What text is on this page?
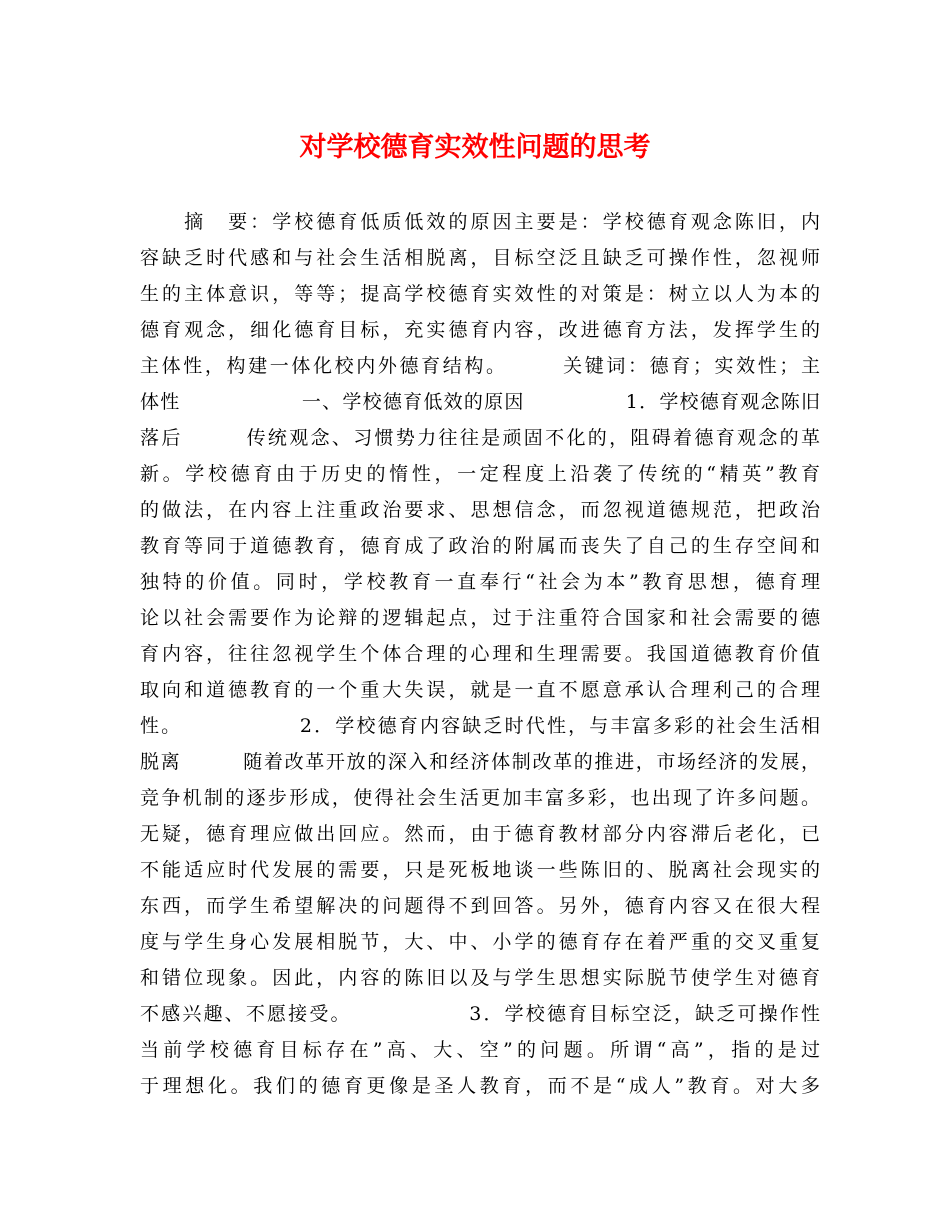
对学校德育实效性问题的思考
　　摘　要：学校德育低质低效的原因主要是：学校德育观念陈旧，内
容缺乏时代感和与社会生活相脱离，目标空泛且缺乏可操作性，忽视师
生的主体意识，等等；提高学校德育实效性的对策是：树立以人为本的
德育观念，细化德育目标，充实德育内容，改进德育方法，发挥学生的
主体性，构建一体化校内外德育结构。　　　关键词：德育；实效性；主
体性　　　　　　一、学校德育低效的原因　　　　　1．学校德育观念陈旧
落后　　　传统观念、习惯势力往往是顽固不化的，阻碍着德育观念的革
新。学校德育由于历史的惰性，一定程度上沿袭了传统的“精英”教育
的做法，在内容上注重政治要求、思想信念，而忽视道德规范，把政治
教育等同于道德教育，德育成了政治的附属而丧失了自己的生存空间和
独特的价值。同时，学校教育一直奉行“社会为本”教育思想，德育理
论以社会需要作为论辩的逻辑起点，过于注重符合国家和社会需要的德
育内容，往往忽视学生个体合理的心理和生理需要。我国道德教育价值
取向和道德教育的一个重大失误，就是一直不愿意承认合理利己的合理
性。　　　　　　2．学校德育内容缺乏时代性，与丰富多彩的社会生活相
脱离　　　随着改革开放的深入和经济体制改革的推进，市场经济的发展，
竞争机制的逐步形成，使得社会生活更加丰富多彩，也出现了许多问题。
无疑，德育理应做出回应。然而，由于德育教材部分内容滞后老化，已
不能适应时代发展的需要，只是死板地谈一些陈旧的、脱离社会现实的
东西，而学生希望解决的问题得不到回答。另外，德育内容又在很大程
度与学生身心发展相脱节，大、中、小学的德育存在着严重的交叉重复
和错位现象。因此，内容的陈旧以及与学生思想实际脱节使学生对德育
不感兴趣、不愿接受。　　　　　　3．学校德育目标空泛，缺乏可操作性
当前学校德育目标存在”高、大、空”的问题。所谓“高”，指的是过
于理想化。我们的德育更像是圣人教育，而不是“成人”教育。对大多
